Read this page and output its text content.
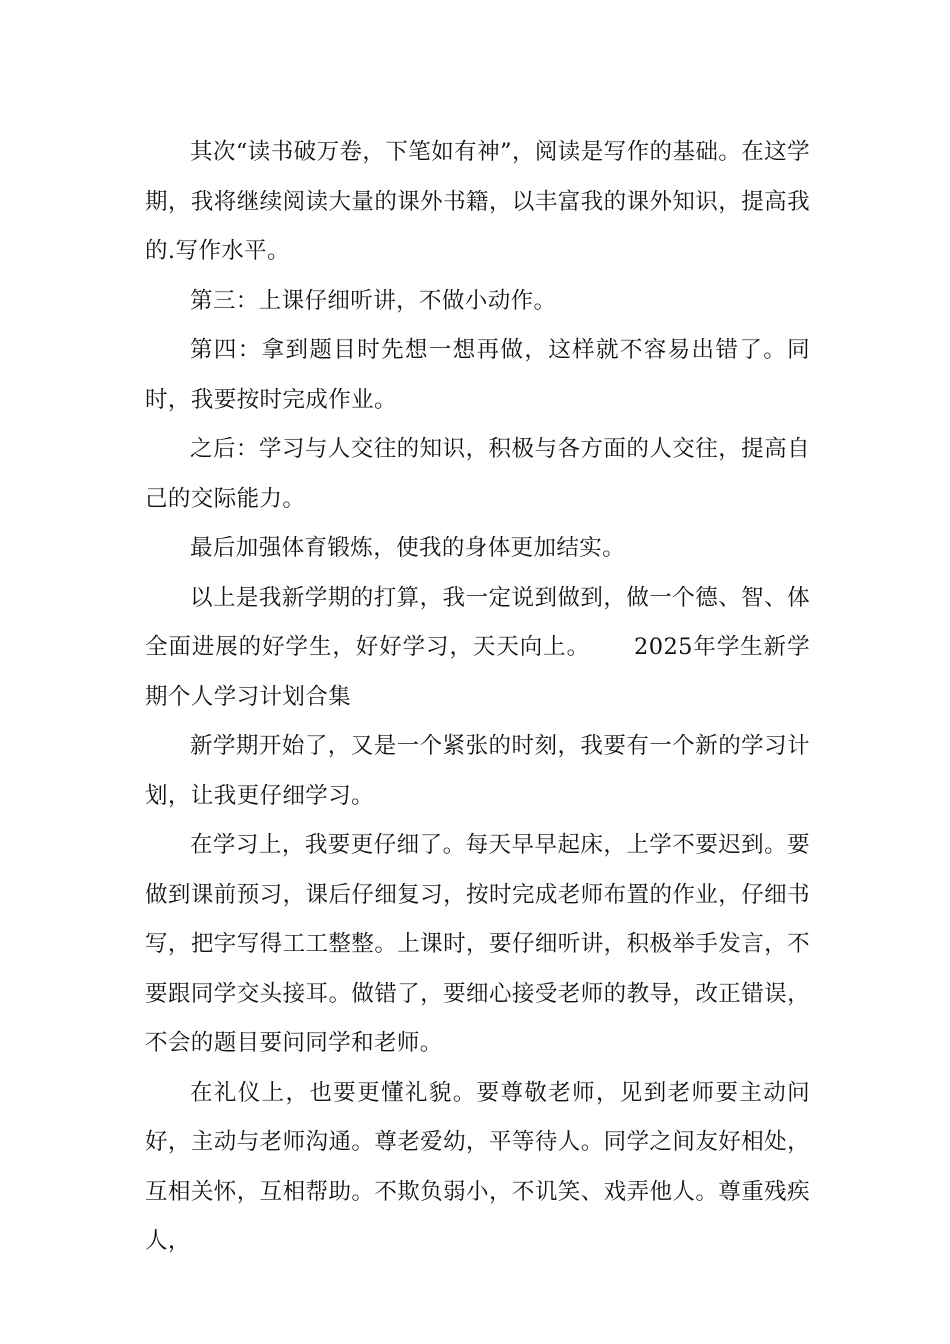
其次“读书破万卷，下笔如有神”，阅读是写作的基础。在这学期，我将继续阅读大量的课外书籍，以丰富我的课外知识，提高我的.写作水平。

第三：上课仔细听讲，不做小动作。

第四：拿到题目时先想一想再做，这样就不容易出错了。同时，我要按时完成作业。

之后：学习与人交往的知识，积极与各方面的人交往，提高自己的交际能力。

最后加强体育锻炼，使我的身体更加结实。

以上是我新学期的打算，我一定说到做到，做一个德、智、体全面进展的好学生，好好学习，天天向上。 2025年学生新学期个人学习计划合集

新学期开始了，又是一个紧张的时刻，我要有一个新的学习计划，让我更仔细学习。

在学习上，我要更仔细了。每天早早起床，上学不要迟到。要做到课前预习，课后仔细复习，按时完成老师布置的作业，仔细书写，把字写得工工整整。上课时，要仔细听讲，积极举手发言，不要跟同学交头接耳。做错了，要细心接受老师的教导，改正错误，不会的题目要问同学和老师。

在礼仪上，也要更懂礼貌。要尊敬老师，见到老师要主动问好，主动与老师沟通。尊老爱幼，平等待人。同学之间友好相处，互相关怀，互相帮助。不欺负弱小，不讥笑、戏弄他人。尊重残疾人，
